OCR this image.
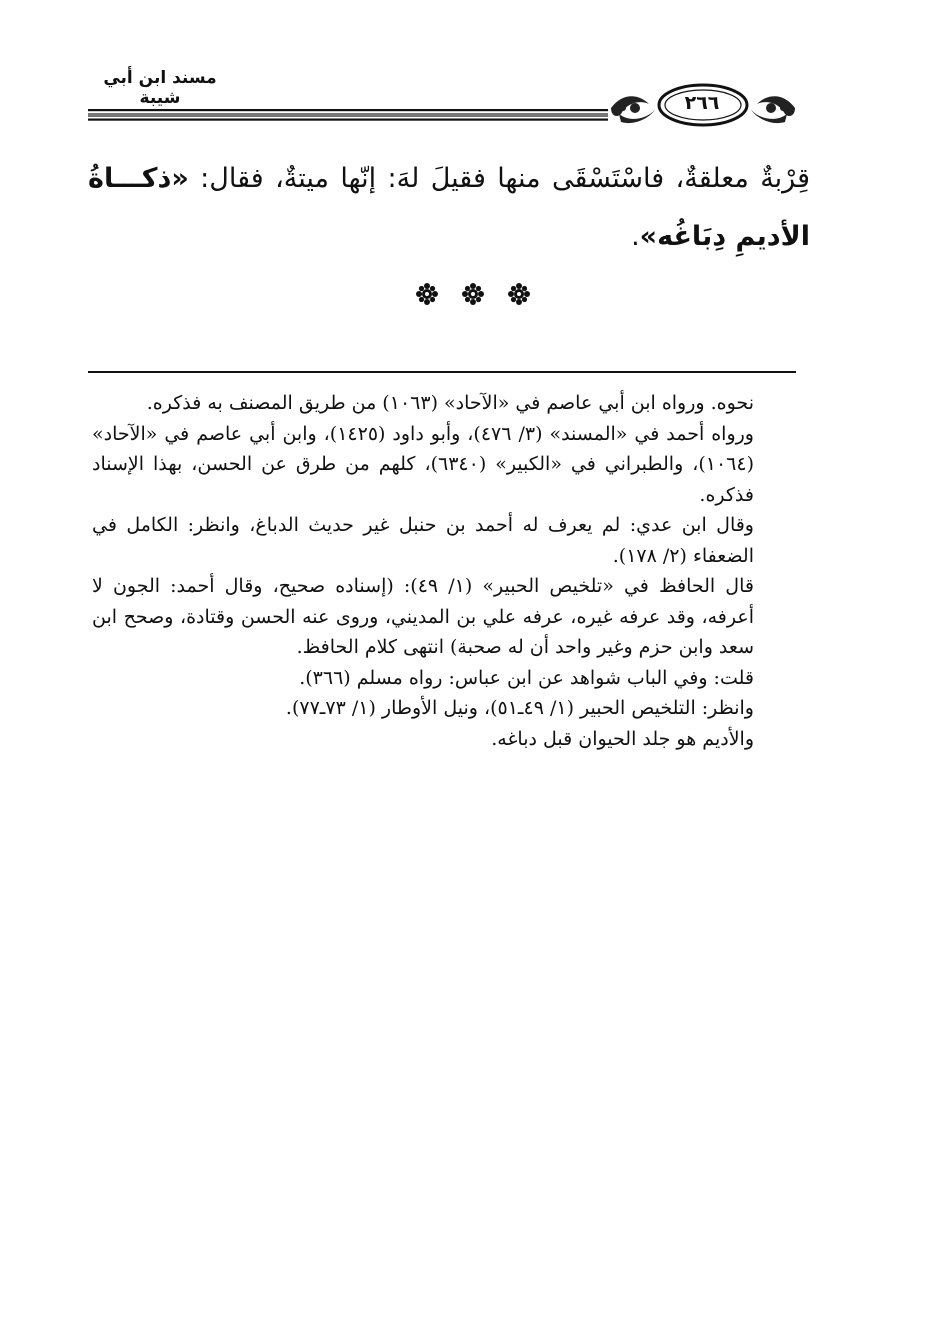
مسند ابن أبي شيبة	٢٦٦
قِرْبةٌ معلقةٌ، فاسْتَسْقَى منها فقيلَ لهَ: إنّها ميتةٌ، فقال: «ذكـــاةُ الأديمِ دِبَاغُه».

نحوه. ورواه ابن أبي عاصم في «الآحاد» (١٠٦٣) من طريق المصنف به فذكره.

ورواه أحمد في «المسند» (٣/ ٤٧٦)، وأبو داود (١٤٢٥)، وابن أبي عاصم في «الآحاد» (١٠٦٤)، والطبراني في «الكبير» (٦٣٤٠)، كلهم من طرق عن الحسن، بهذا الإسناد فذكره.

وقال ابن عدي: لم يعرف له أحمد بن حنبل غير حديث الدباغ، وانظر: الكامل في الضعفاء (٢/ ١٧٨).

قال الحافظ في «تلخيص الحبير» (١/ ٤٩): (إسناده صحيح، وقال أحمد: الجون لا أعرفه، وقد عرفه غيره، عرفه علي بن المديني، وروى عنه الحسن وقتادة، وصحح ابن سعد وابن حزم وغير واحد أن له صحبة) انتهى كلام الحافظ.

قلت: وفي الباب شواهد عن ابن عباس: رواه مسلم (٣٦٦).

وانظر: التلخيص الحبير (١/ ٤٩ـ٥١)، ونيل الأوطار (١/ ٧٣ـ٧٧).

والأديم هو جلد الحيوان قبل دباغه.
